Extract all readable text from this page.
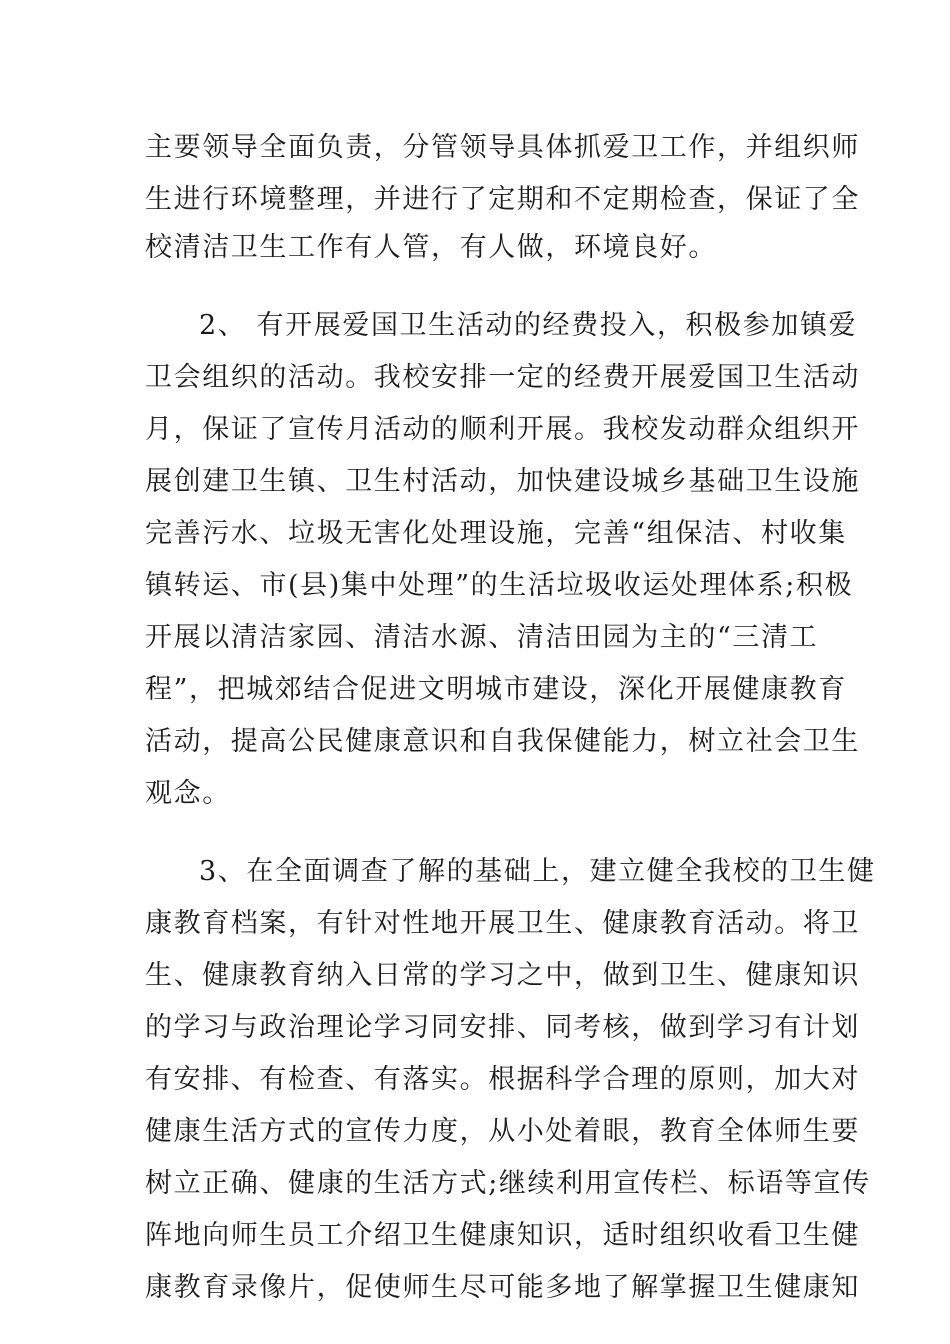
主要领导全面负责，分管领导具体抓爱卫工作，并组织师

生进行环境整理，并进行了定期和不定期检查，保证了全

校清洁卫生工作有人管，有人做，环境良好。

2、 有开展爱国卫生活动的经费投入，积极参加镇爱

卫会组织的活动。我校安排一定的经费开展爱国卫生活动

月，保证了宣传月活动的顺利开展。我校发动群众组织开

展创建卫生镇、卫生村活动，加快建设城乡基础卫生设施

完善污水、垃圾无害化处理设施，完善“组保洁、村收集

镇转运、市(县)集中处理”的生活垃圾收运处理体系;积极

开展以清洁家园、清洁水源、清洁田园为主的“三清工

程”，把城郊结合促进文明城市建设，深化开展健康教育

活动，提高公民健康意识和自我保健能力，树立社会卫生

观念。

3、在全面调查了解的基础上，建立健全我校的卫生健

康教育档案，有针对性地开展卫生、健康教育活动。将卫

生、健康教育纳入日常的学习之中，做到卫生、健康知识

的学习与政治理论学习同安排、同考核，做到学习有计划

有安排、有检查、有落实。根据科学合理的原则，加大对

健康生活方式的宣传力度，从小处着眼，教育全体师生要

树立正确、健康的生活方式;继续利用宣传栏、标语等宣传

阵地向师生员工介绍卫生健康知识，适时组织收看卫生健

康教育录像片，促使师生尽可能多地了解掌握卫生健康知
